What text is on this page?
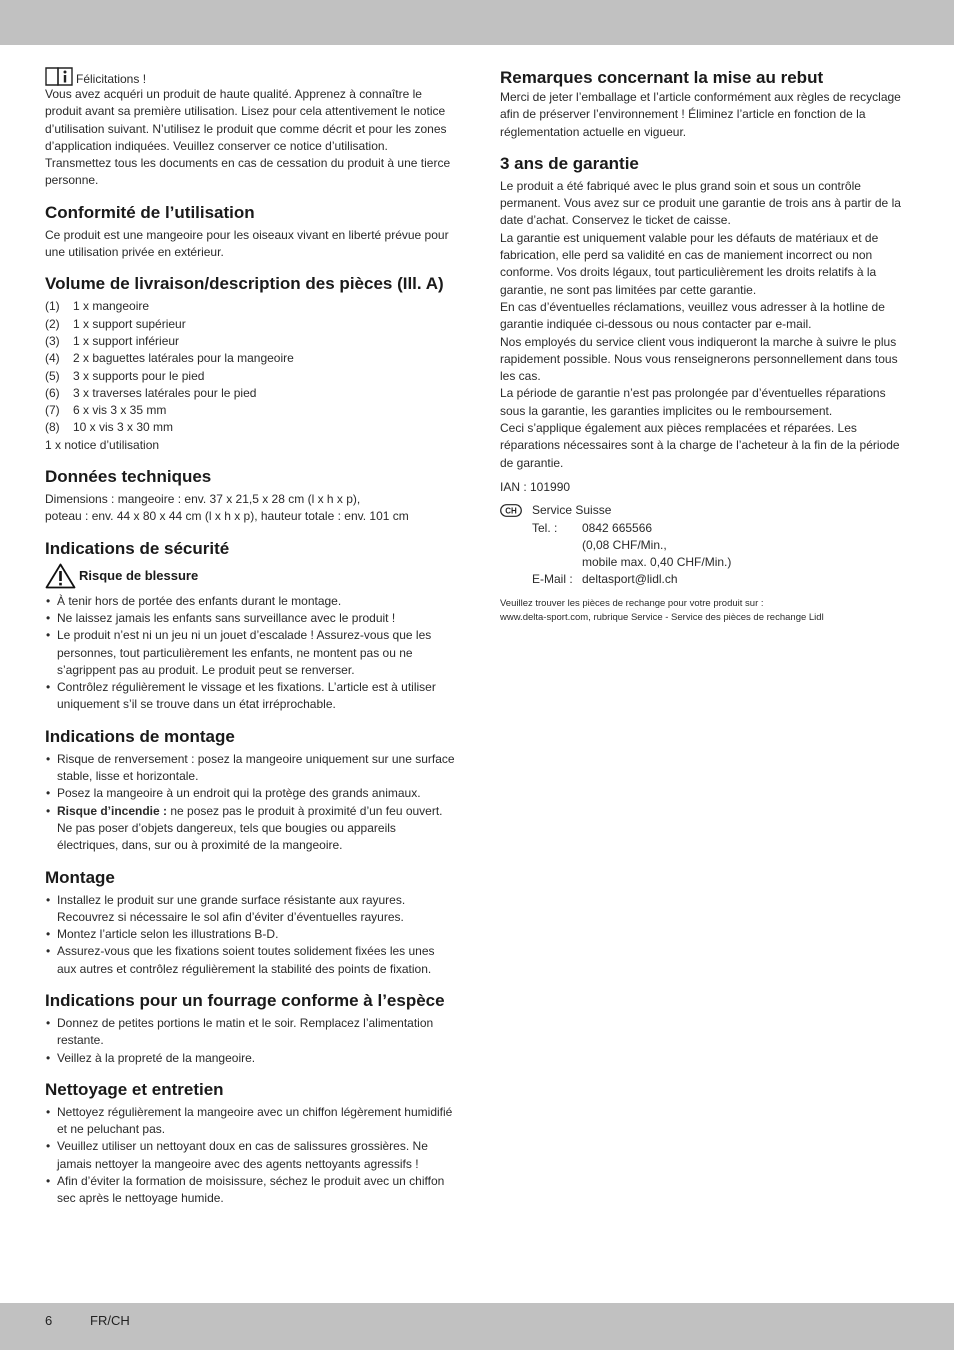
Félicitations !

Vous avez acquéri un produit de haute qualité. Apprenez à connaître le produit avant sa première utilisation. Lisez pour cela attentivement le notice d’utilisation suivant. N’utilisez le produit que comme décrit et pour les zones d’application indiquées. Veuillez conserver ce notice d’utilisation. Transmettez tous les documents en cas de cessation du produit à une tierce personne.

Conformité de l’utilisation

Ce produit est une mangeoire pour les oiseaux vivant en liberté prévue pour une utilisation privée en extérieur.

Volume de livraison/description des pièces (Ill. A)
(1)	1 x mangeoire
(2)	1 x support supérieur
(3)	1 x support inférieur
(4)	2 x baguettes latérales pour la mangeoire
(5)	3 x supports pour le pied
(6)	3 x traverses latérales pour le pied
(7)	6 x vis 3 x 35 mm
(8)	10 x vis 3 x 30 mm

1 x notice d’utilisation

Données techniques

Dimensions : mangeoire : env. 37 x 21,5 x 28 cm (l x h x p),

poteau : env. 44 x 80 x 44 cm (l x h x p), hauteur totale : env. 101 cm

Indications de sécurité
Risque de blessure
• À tenir hors de portée des enfants durant le montage.
• Ne laissez jamais les enfants sans surveillance avec le produit !
• Le produit n’est ni un jeu ni un jouet d’escalade ! Assurez-vous que les personnes, tout particulièrement les enfants, ne montent pas ou ne s’agrippent pas au produit. Le produit peut se renverser.
• Contrôlez régulièrement le vissage et les fixations. L’article est à utiliser uniquement s’il se trouve dans un état irréprochable.
Indications de montage
• Risque de renversement : posez la mangeoire uniquement sur une surface stable, lisse et horizontale.
• Posez la mangeoire à un endroit qui la protège des grands animaux.
• Risque d’incendie : ne posez pas le produit à proximité d’un feu ouvert. Ne pas poser d’objets dangereux, tels que bougies ou appareils électriques, dans, sur ou à proximité de la mangeoire.
Montage
• Installez le produit sur une grande surface résistante aux rayures. Recouvrez si nécessaire le sol afin d’éviter d’éventuelles rayures.
• Montez l’article selon les illustrations B-D.
• Assurez-vous que les fixations soient toutes solidement fixées les unes aux autres et contrôlez régulièrement la stabilité des points de fixation.
Indications pour un fourrage conforme à l’espèce
• Donnez de petites portions le matin et le soir. Remplacez l’alimentation restante.
• Veillez à la propreté de la mangeoire.
Nettoyage et entretien
• Nettoyez régulièrement la mangeoire avec un chiffon légèrement humidifié et ne peluchant pas.
• Veuillez utiliser un nettoyant doux en cas de salissures grossières. Ne jamais nettoyer la mangeoire avec des agents nettoyants agressifs !
• Afin d’éviter la formation de moisissure, séchez le produit avec un chiffon sec après le nettoyage humide.
Remarques concernant la mise au rebut

Merci de jeter l’emballage et l’article conformément aux règles de recyclage afin de préserver l’environnement ! Éliminez l’article en fonction de la réglementation actuelle en vigueur.

3 ans de garantie

Le produit a été fabriqué avec le plus grand soin et sous un contrôle permanent. Vous avez sur ce produit une garantie de trois ans à partir de la date d’achat. Conservez le ticket de caisse.

La garantie est uniquement valable pour les défauts de matériaux et de fabrication, elle perd sa validité en cas de maniement incorrect ou non conforme. Vos droits légaux, tout particulièrement les droits relatifs à la garantie, ne sont pas limitées par cette garantie.

En cas d’éventuelles réclamations, veuillez vous adresser à la hotline de garantie indiquée ci-dessous ou nous contacter par e-mail.

Nos employés du service client vous indiqueront la marche à suivre le plus rapidement possible. Nous vous renseignerons personnellement dans tous les cas.

La période de garantie n’est pas prolongée par d’éventuelles réparations sous la garantie, les garanties implicites ou le remboursement.

Ceci s’applique également aux pièces remplacées et réparées. Les réparations nécessaires sont à la charge de l’acheteur à la fin de la période de garantie.

IAN : 101990

CH Service Suisse
Tel. :	0842 665566
(0,08 CHF/Min.,
mobile max. 0,40 CHF/Min.)
E-Mail : deltasport@lidl.ch
Veuillez trouver les pièces de rechange pour votre produit sur :
www.delta-sport.com, rubrique Service - Service des pièces de rechange Lidl
6	FR/CH
